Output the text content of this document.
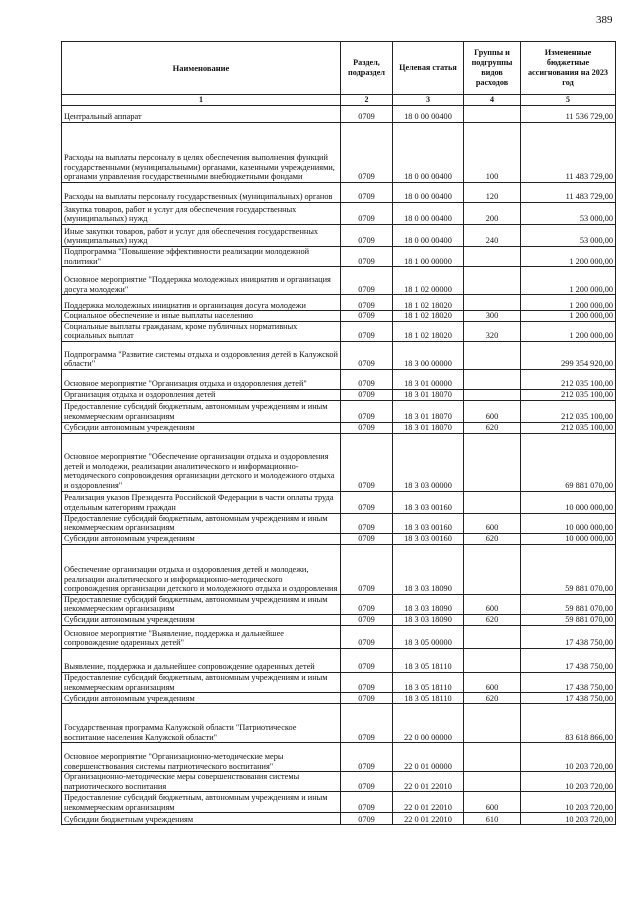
389
Наименование	Раздел, подраздел	Целевая статья	Группы и подгруппы видов расходов	Измененные бюджетные ассигнования на 2023 год
1	2	3	4	5
Центральный аппарат	0709	18 0 00 00400		11 536 729,00
Расходы на выплаты персоналу в целях обеспечения выполнения функций государственными (муниципальными) органами, казенными учреждениями, органами управления государственными внебюджетными фондами	0709	18 0 00 00400	100	11 483 729,00
Расходы на выплаты персоналу государственных (муниципальных) органов	0709	18 0 00 00400	120	11 483 729,00
Закупка товаров, работ и услуг для обеспечения государственных (муниципальных) нужд	0709	18 0 00 00400	200	53 000,00
Иные закупки товаров, работ и услуг для обеспечения государственных (муниципальных) нужд	0709	18 0 00 00400	240	53 000,00
Подпрограмма "Повышение эффективности реализации молодежной политики"	0709	18 1 00 00000		1 200 000,00
Основное мероприятие "Поддержка молодежных инициатив и организация досуга молодежи"	0709	18 1 02 00000		1 200 000,00
Поддержка молодежных инициатив и организация досуга молодежи	0709	18 1 02 18020		1 200 000,00
Социальное обеспечение и иные выплаты населению	0709	18 1 02 18020	300	1 200 000,00
Социальные выплаты гражданам, кроме публичных нормативных социальных выплат	0709	18 1 02 18020	320	1 200 000,00
Подпрограмма "Развитие системы отдыха и оздоровления детей в Калужской области"	0709	18 3 00 00000		299 354 920,00
Основное мероприятие "Организация отдыха и оздоровления детей"	0709	18 3 01 00000		212 035 100,00
Организация отдыха и оздоровления детей	0709	18 3 01 18070		212 035 100,00
Предоставление субсидий бюджетным, автономным учреждениям и иным некоммерческим организациям	0709	18 3 01 18070	600	212 035 100,00
Субсидии автономным учреждениям	0709	18 3 01 18070	620	212 035 100,00
Основное мероприятие "Обеспечение организации отдыха и оздоровления детей и молодежи, реализации аналитического и информационно-методического сопровождения организации детского и молодежного отдыха и оздоровления"	0709	18 3 03 00000		69 881 070,00
Реализация указов Президента Российской Федерации в части оплаты труда отдельным категориям граждан	0709	18 3 03 00160		10 000 000,00
Предоставление субсидий бюджетным, автономным учреждениям и иным некоммерческим организациям	0709	18 3 03 00160	600	10 000 000,00
Субсидии автономным учреждениям	0709	18 3 03 00160	620	10 000 000,00
Обеспечение организации отдыха и оздоровления детей и молодежи, реализации аналитического и информационно-методического сопровождения организации детского и молодежного отдыха и оздоровления	0709	18 3 03 18090		59 881 070,00
Предоставление субсидий бюджетным, автономным учреждениям и иным некоммерческим организациям	0709	18 3 03 18090	600	59 881 070,00
Субсидии автономным учреждениям	0709	18 3 03 18090	620	59 881 070,00
Основное мероприятие "Выявление, поддержка и дальнейшее сопровождение одаренных детей"	0709	18 3 05 00000		17 438 750,00
Выявление, поддержка и дальнейшее сопровождение одаренных детей	0709	18 3 05 18110		17 438 750,00
Предоставление субсидий бюджетным, автономным учреждениям и иным некоммерческим организациям	0709	18 3 05 18110	600	17 438 750,00
Субсидии автономным учреждениям	0709	18 3 05 18110	620	17 438 750,00
Государственная программа Калужской области "Патриотическое воспитание населения Калужской области"	0709	22 0 00 00000		83 618 866,00
Основное мероприятие "Организационно-методические меры совершенствования системы патриотического воспитания"	0709	22 0 01 00000		10 203 720,00
Организационно-методические меры совершенствования системы патриотического воспитания	0709	22 0 01 22010		10 203 720,00
Предоставление субсидий бюджетным, автономным учреждениям и иным некоммерческим организациям	0709	22 0 01 22010	600	10 203 720,00
Субсидии бюджетным учреждениям	0709	22 0 01 22010	610	10 203 720,00
